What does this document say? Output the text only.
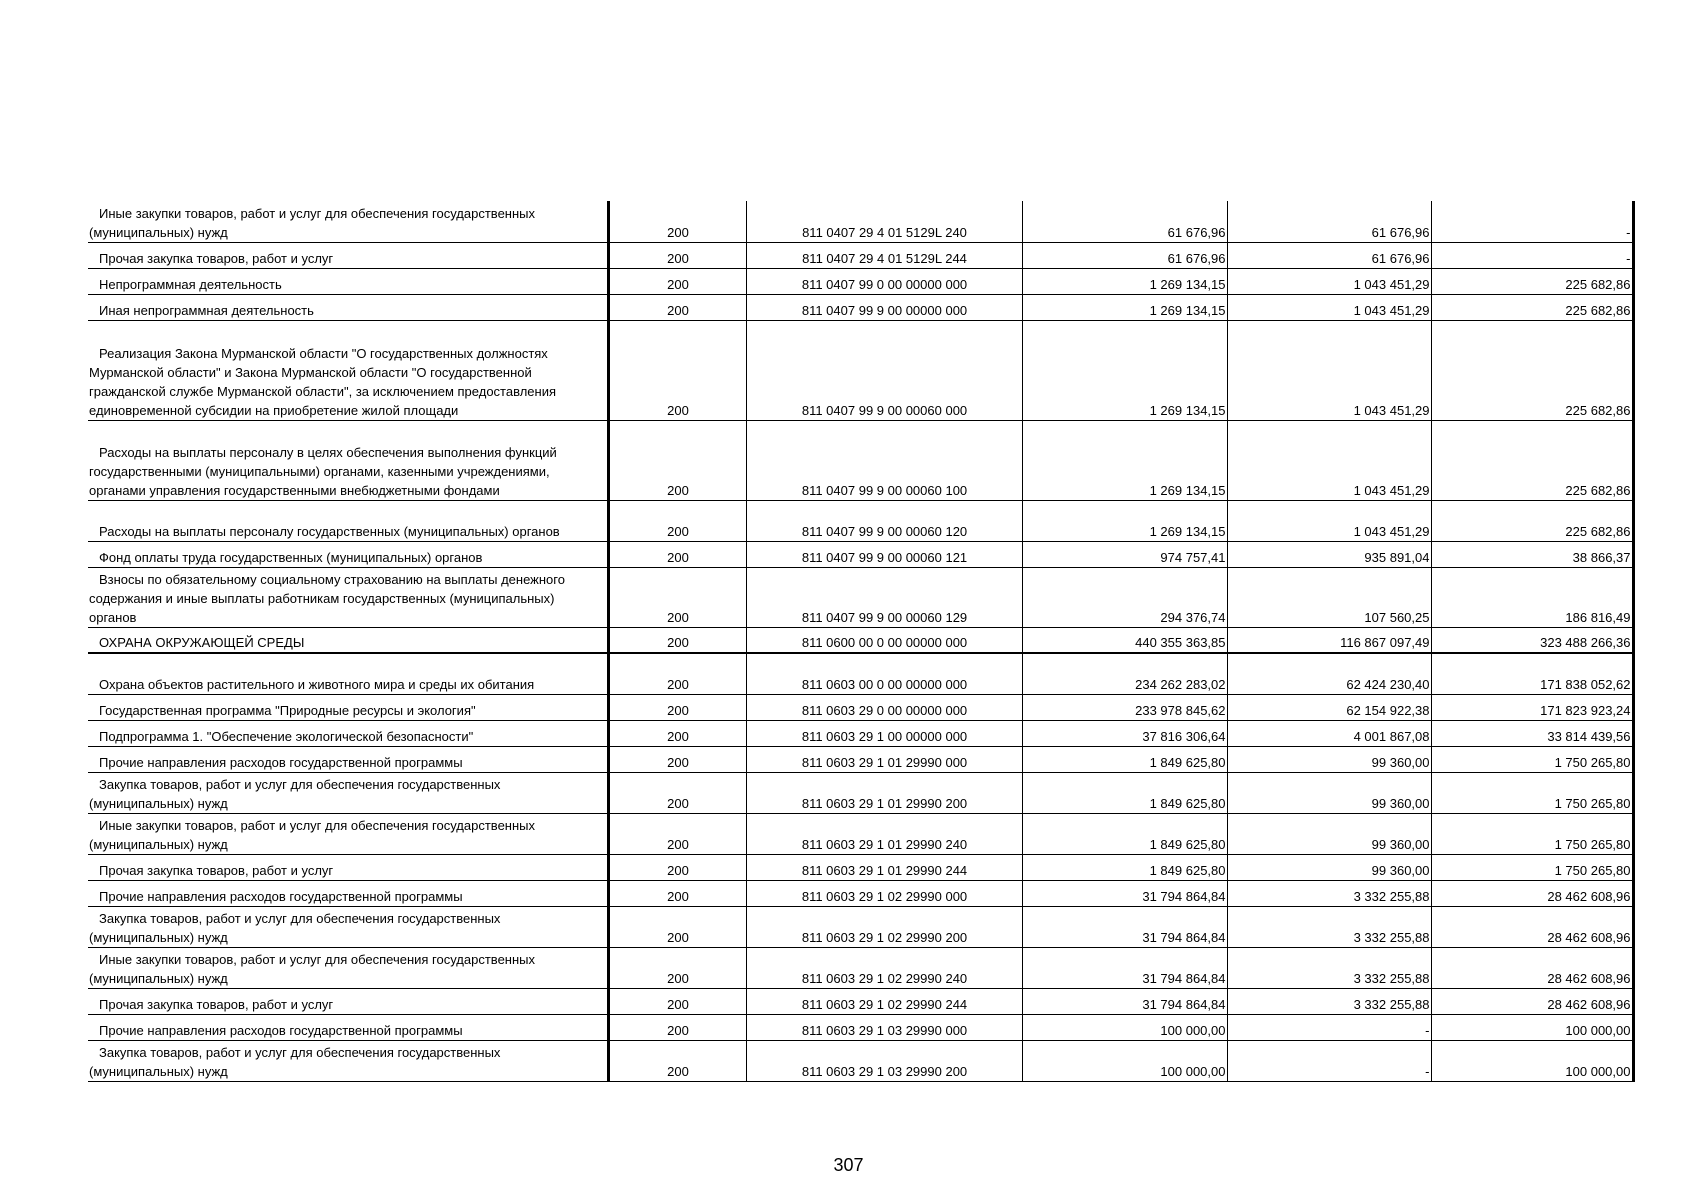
Иные закупки товаров, работ и услуг для обеспечения государственных (муниципальных) нужд	200	811 0407 29 4 01 5129L 240	61 676,96	61 676,96	-
Прочая закупка товаров, работ и услуг	200	811 0407 29 4 01 5129L 244	61 676,96	61 676,96	-
Непрограммная деятельность	200	811 0407 99 0 00 00000 000	1 269 134,15	1 043 451,29	225 682,86
Иная непрограммная деятельность	200	811 0407 99 9 00 00000 000	1 269 134,15	1 043 451,29	225 682,86
Реализация Закона Мурманской области "О государственных должностях Мурманской области" и Закона Мурманской области "О государственной гражданской службе Мурманской области", за исключением предоставления единовременной субсидии на приобретение жилой площади	200	811 0407 99 9 00 00060 000	1 269 134,15	1 043 451,29	225 682,86
Расходы на выплаты персоналу в целях обеспечения выполнения функций государственными (муниципальными) органами, казенными учреждениями, органами управления государственными внебюджетными фондами	200	811 0407 99 9 00 00060 100	1 269 134,15	1 043 451,29	225 682,86
Расходы на выплаты персоналу государственных (муниципальных) органов	200	811 0407 99 9 00 00060 120	1 269 134,15	1 043 451,29	225 682,86
Фонд оплаты труда государственных (муниципальных) органов	200	811 0407 99 9 00 00060 121	974 757,41	935 891,04	38 866,37
Взносы по обязательному социальному страхованию на выплаты денежного содержания и иные выплаты работникам государственных (муниципальных) органов	200	811 0407 99 9 00 00060 129	294 376,74	107 560,25	186 816,49
ОХРАНА ОКРУЖАЮЩЕЙ СРЕДЫ	200	811 0600 00 0 00 00000 000	440 355 363,85	116 867 097,49	323 488 266,36
Охрана объектов растительного и животного мира и среды их обитания	200	811 0603 00 0 00 00000 000	234 262 283,02	62 424 230,40	171 838 052,62
Государственная программа "Природные ресурсы и экология"	200	811 0603 29 0 00 00000 000	233 978 845,62	62 154 922,38	171 823 923,24
Подпрограмма 1. "Обеспечение экологической безопасности"	200	811 0603 29 1 00 00000 000	37 816 306,64	4 001 867,08	33 814 439,56
Прочие направления расходов государственной программы	200	811 0603 29 1 01 29990 000	1 849 625,80	99 360,00	1 750 265,80
Закупка товаров, работ и услуг для обеспечения государственных (муниципальных) нужд	200	811 0603 29 1 01 29990 200	1 849 625,80	99 360,00	1 750 265,80
Иные закупки товаров, работ и услуг для обеспечения государственных (муниципальных) нужд	200	811 0603 29 1 01 29990 240	1 849 625,80	99 360,00	1 750 265,80
Прочая закупка товаров, работ и услуг	200	811 0603 29 1 01 29990 244	1 849 625,80	99 360,00	1 750 265,80
Прочие направления расходов государственной программы	200	811 0603 29 1 02 29990 000	31 794 864,84	3 332 255,88	28 462 608,96
Закупка товаров, работ и услуг для обеспечения государственных (муниципальных) нужд	200	811 0603 29 1 02 29990 200	31 794 864,84	3 332 255,88	28 462 608,96
Иные закупки товаров, работ и услуг для обеспечения государственных (муниципальных) нужд	200	811 0603 29 1 02 29990 240	31 794 864,84	3 332 255,88	28 462 608,96
Прочая закупка товаров, работ и услуг	200	811 0603 29 1 02 29990 244	31 794 864,84	3 332 255,88	28 462 608,96
Прочие направления расходов государственной программы	200	811 0603 29 1 03 29990 000	100 000,00	-	100 000,00
Закупка товаров, работ и услуг для обеспечения государственных (муниципальных) нужд	200	811 0603 29 1 03 29990 200	100 000,00	-	100 000,00
307
